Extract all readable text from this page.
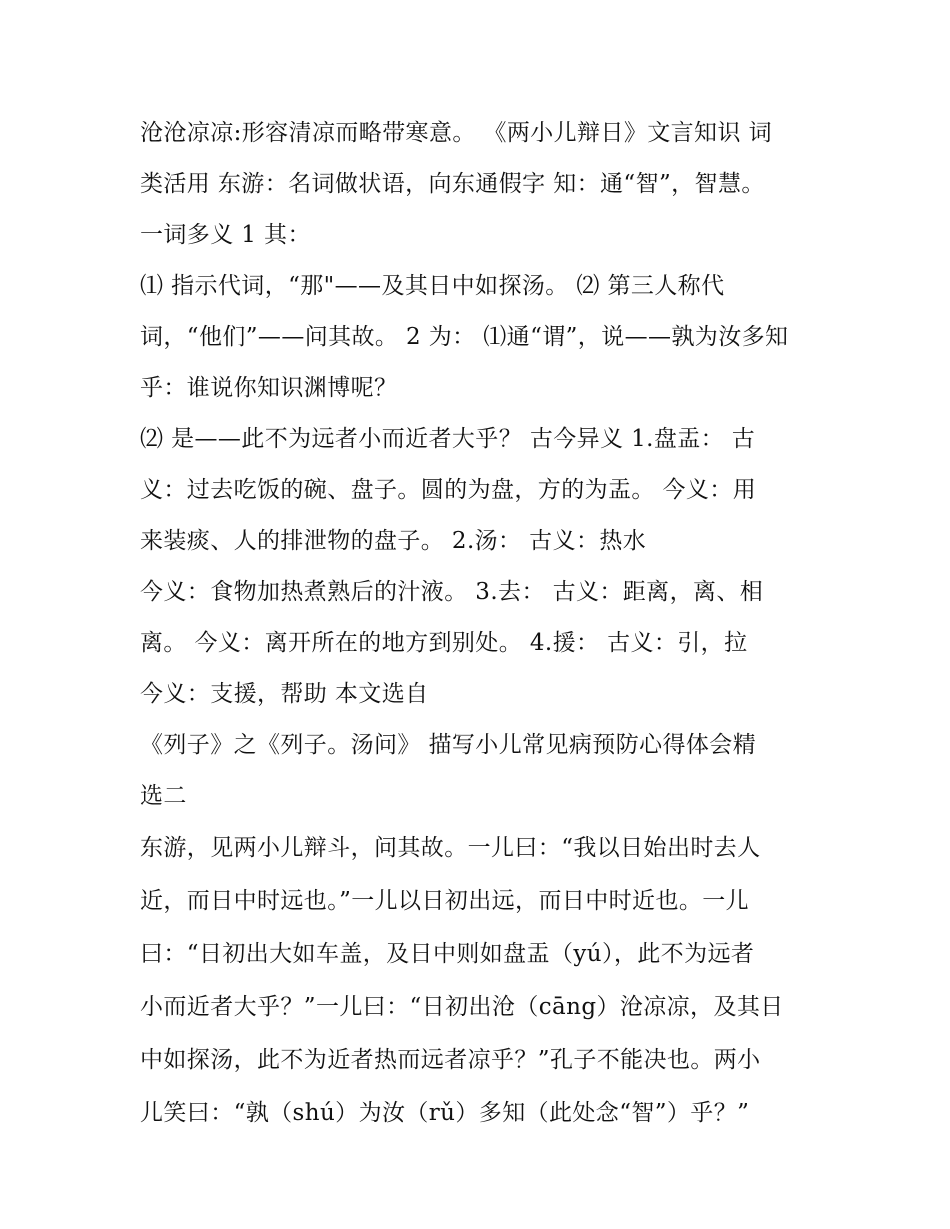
沧沧凉凉:形容清凉而略带寒意。 《两小儿辩日》文言知识 词
类活用 东游：名词做状语，向东通假字 知：通“智”，智慧。
一词多义 1 其：
⑴ 指示代词，“那"——及其日中如探汤。 ⑵ 第三人称代
词，“他们”——问其故。 2 为： ⑴通“谓”，说——孰为汝多知
乎：谁说你知识渊博呢？
⑵ 是——此不为远者小而近者大乎？ 古今异义 1.盘盂： 古
义：过去吃饭的碗、盘子。圆的为盘，方的为盂。 今义：用
来装痰、人的排泄物的盘子。 2.汤： 古义：热水
今义：食物加热煮熟后的汁液。 3.去： 古义：距离，离、相
离。 今义：离开所在的地方到别处。 4.援： 古义：引，拉
今义：支援，帮助 本文选自
《列子》之《列子。汤问》 描写小儿常见病预防心得体会精
选二
东游，见两小儿辩斗，问其故。一儿曰：“我以日始出时去人
近，而日中时远也。”一儿以日初出远，而日中时近也。一儿
曰：“日初出大如车盖，及日中则如盘盂（yú），此不为远者
小而近者大乎？”一儿曰：“日初出沧（cāng）沧凉凉，及其日
中如探汤，此不为近者热而远者凉乎？”孔子不能决也。两小
儿笑曰：“孰（shú）为汝（rǔ）多知（此处念“智”）乎？”
